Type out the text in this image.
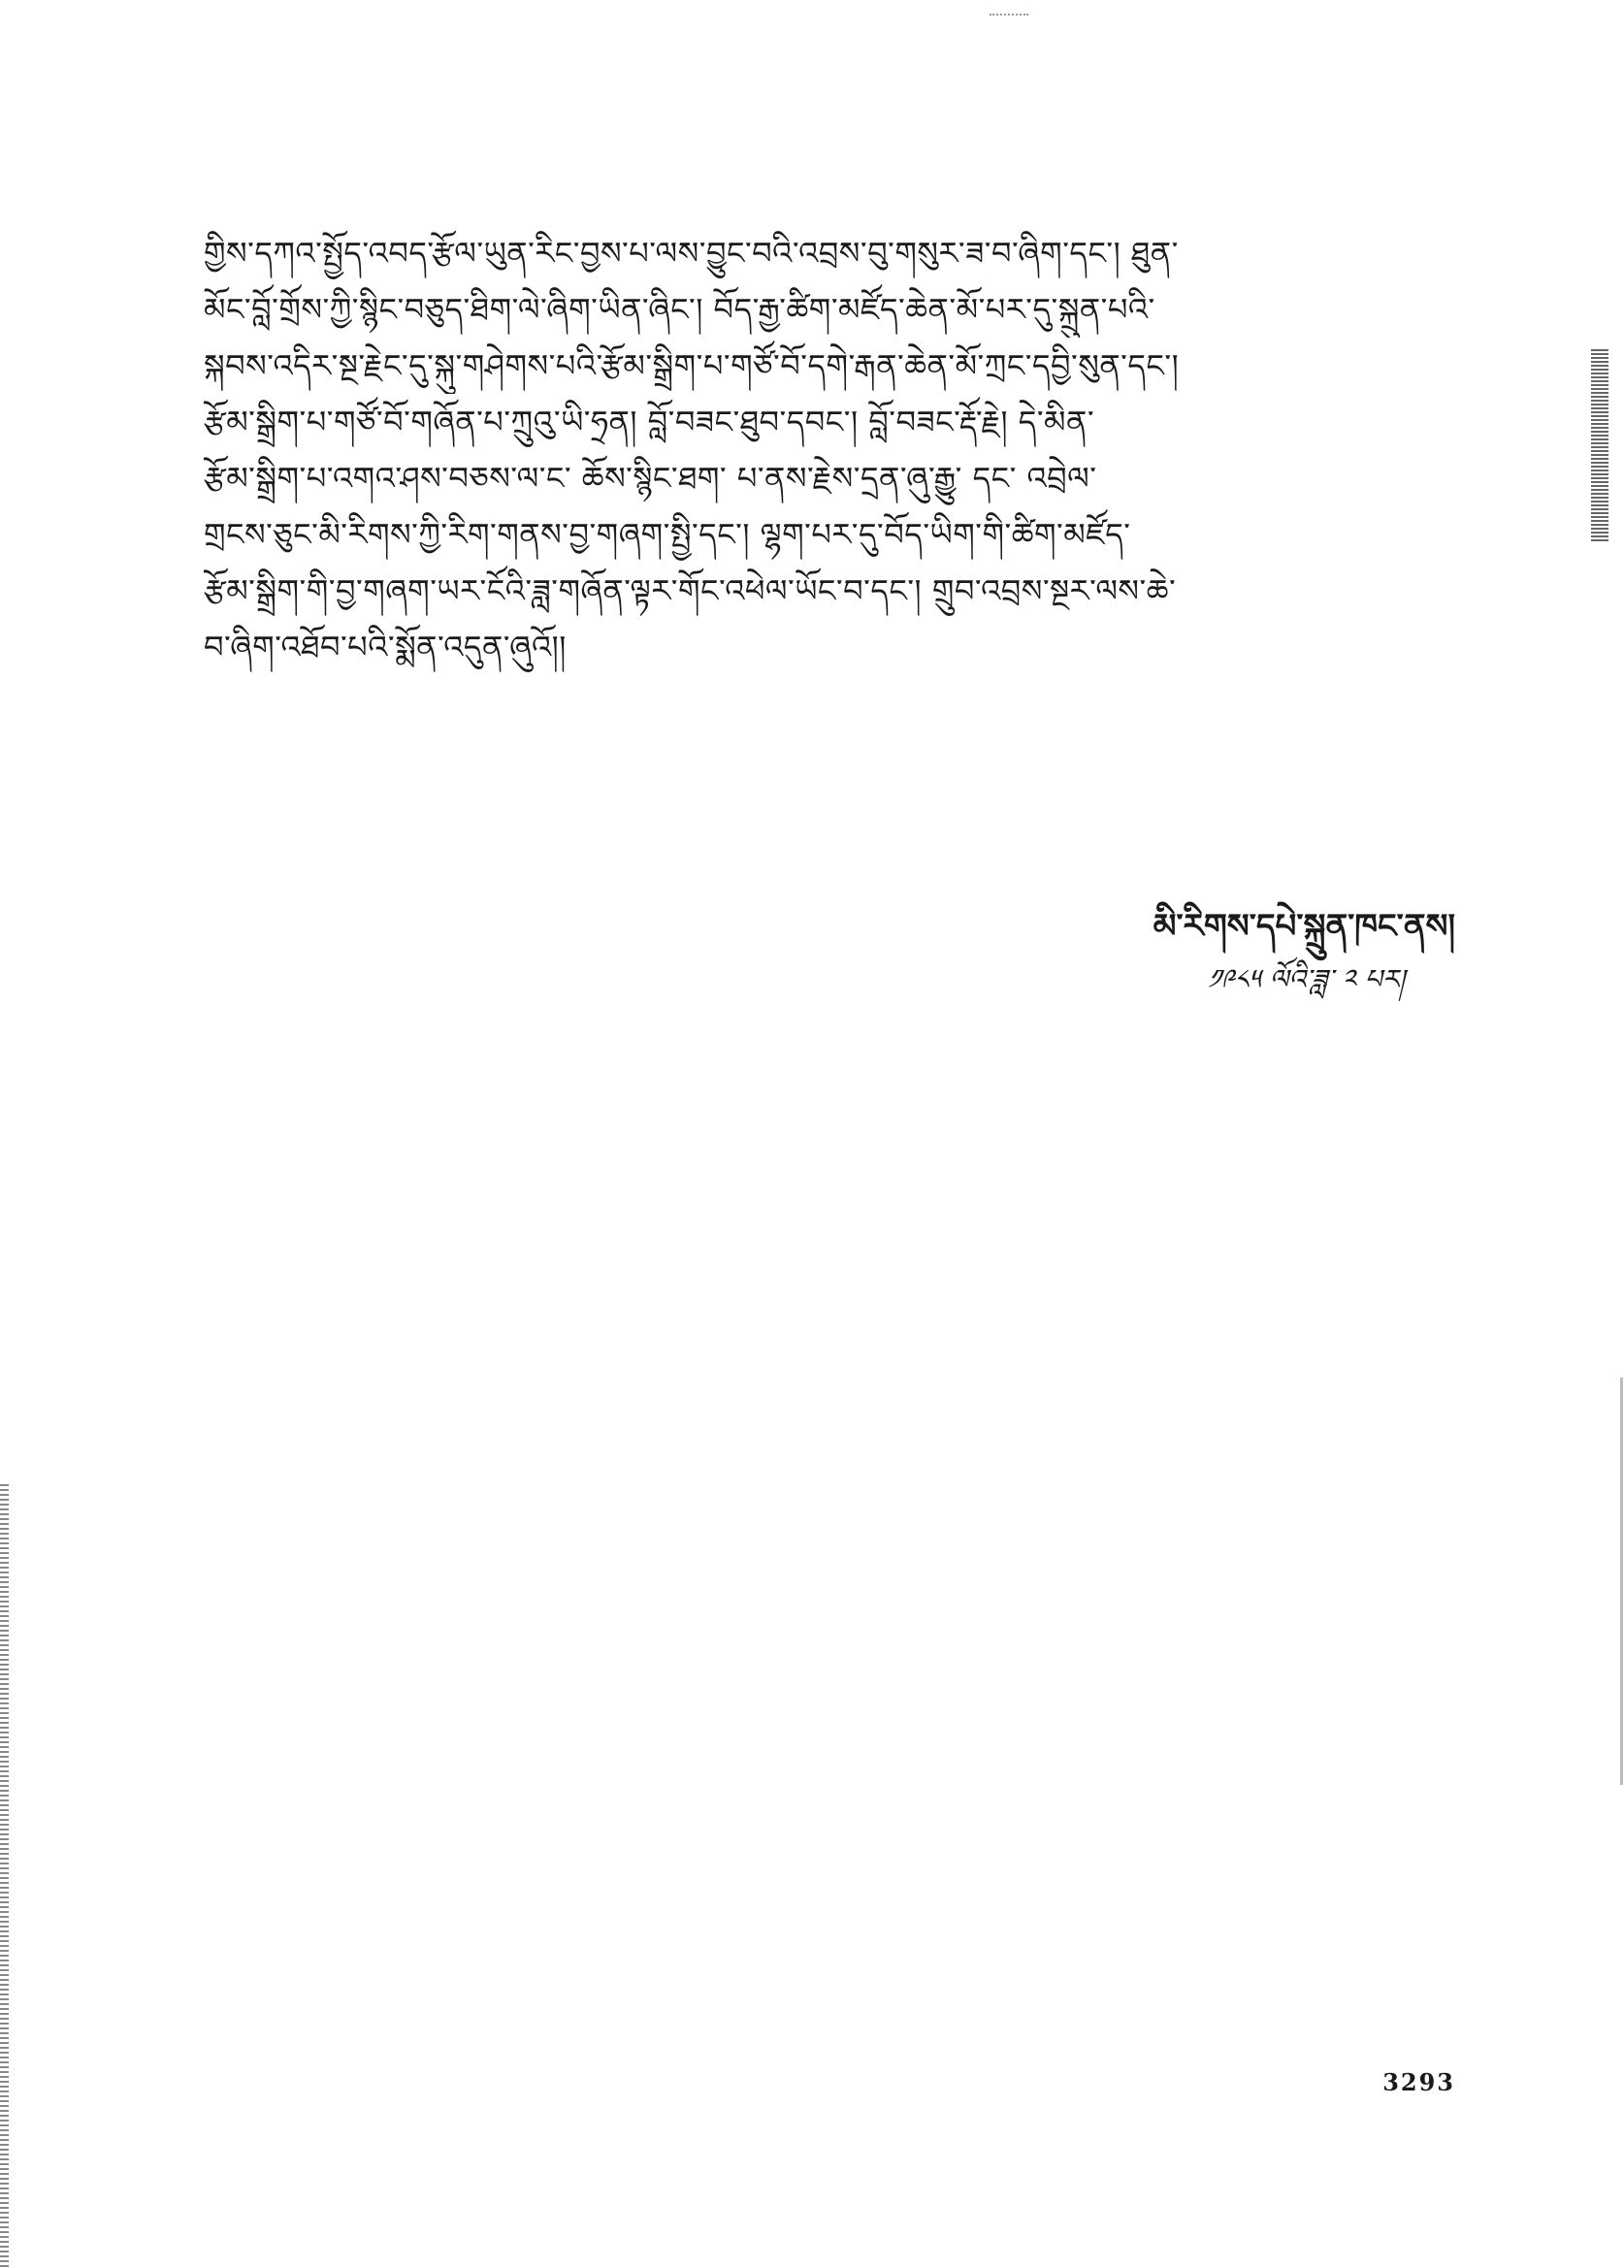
གྱིས་དཀའ་སྤྱོད་འབད་རྩོལ་ཡུན་རིང་བྱས་པ་ལས་བྱུང་བའི་འབྲས་བུ་གསུར་ཟ་བ་ཞིག་དང་། ཐུན་
མོང་བློ་གྲོས་ཀྱི་སྙིང་བཅུད་ཐིག་ལེ་ཞིག་ཡིན་ཞིང་། བོད་རྒྱ་ཚིག་མཛོད་ཆེན་མོ་པར་དུ་སྐྲུན་པའི་
སྐབས་འདིར་སྔ་རྗེང་དུ་སྐུ་གཤེགས་པའི་རྩོམ་སྒྲིག་པ་གཙོ་བོ་དགེ་རྒན་ཆེན་མོ་ཀྲང་དབྱི་སུན་དང་།
རྩོམ་སྒྲིག་པ་གཙོ་བོ་གཞོན་པ་ཀྲུའུ་ཡི་ཧྲན། བློ་བཟང་ཐུབ་དབང་། བློ་བཟང་རྡོ་རྗེ། དེ་མིན་
རྩོམ་སྒྲིག་པ་འགའ་ཤས་བཅས་ལ་ང་ ཆོས་སྙིང་ཐག་ པ་ནས་རྗེས་དྲན་ཞུ་རྒྱུ་ དང་ འབྲེལ་
གྲངས་ཅུང་མི་རིགས་ཀྱི་རིག་གནས་བྱ་གཞག་སྤྱི་དང་། ལྷག་པར་དུ་བོད་ཡིག་གི་ཚིག་མཛོད་
རྩོམ་སྒྲིག་གི་བྱ་གཞག་ཡར་ངོའི་ཟླ་གཞོན་ལྟར་གོང་འཕེལ་ཡོང་བ་དང་། གྲུབ་འབྲས་སྔར་ལས་ཆེ་
བ་ཞིག་འཐོབ་པའི་སྨོན་འདུན་ཞུའོ།།
མི་རིགས་དཔེ་སྐྲུན་ཁང་ནས།
༡༩༨༥ ལོའི་ཟླ་ ༢ པར།
3293
